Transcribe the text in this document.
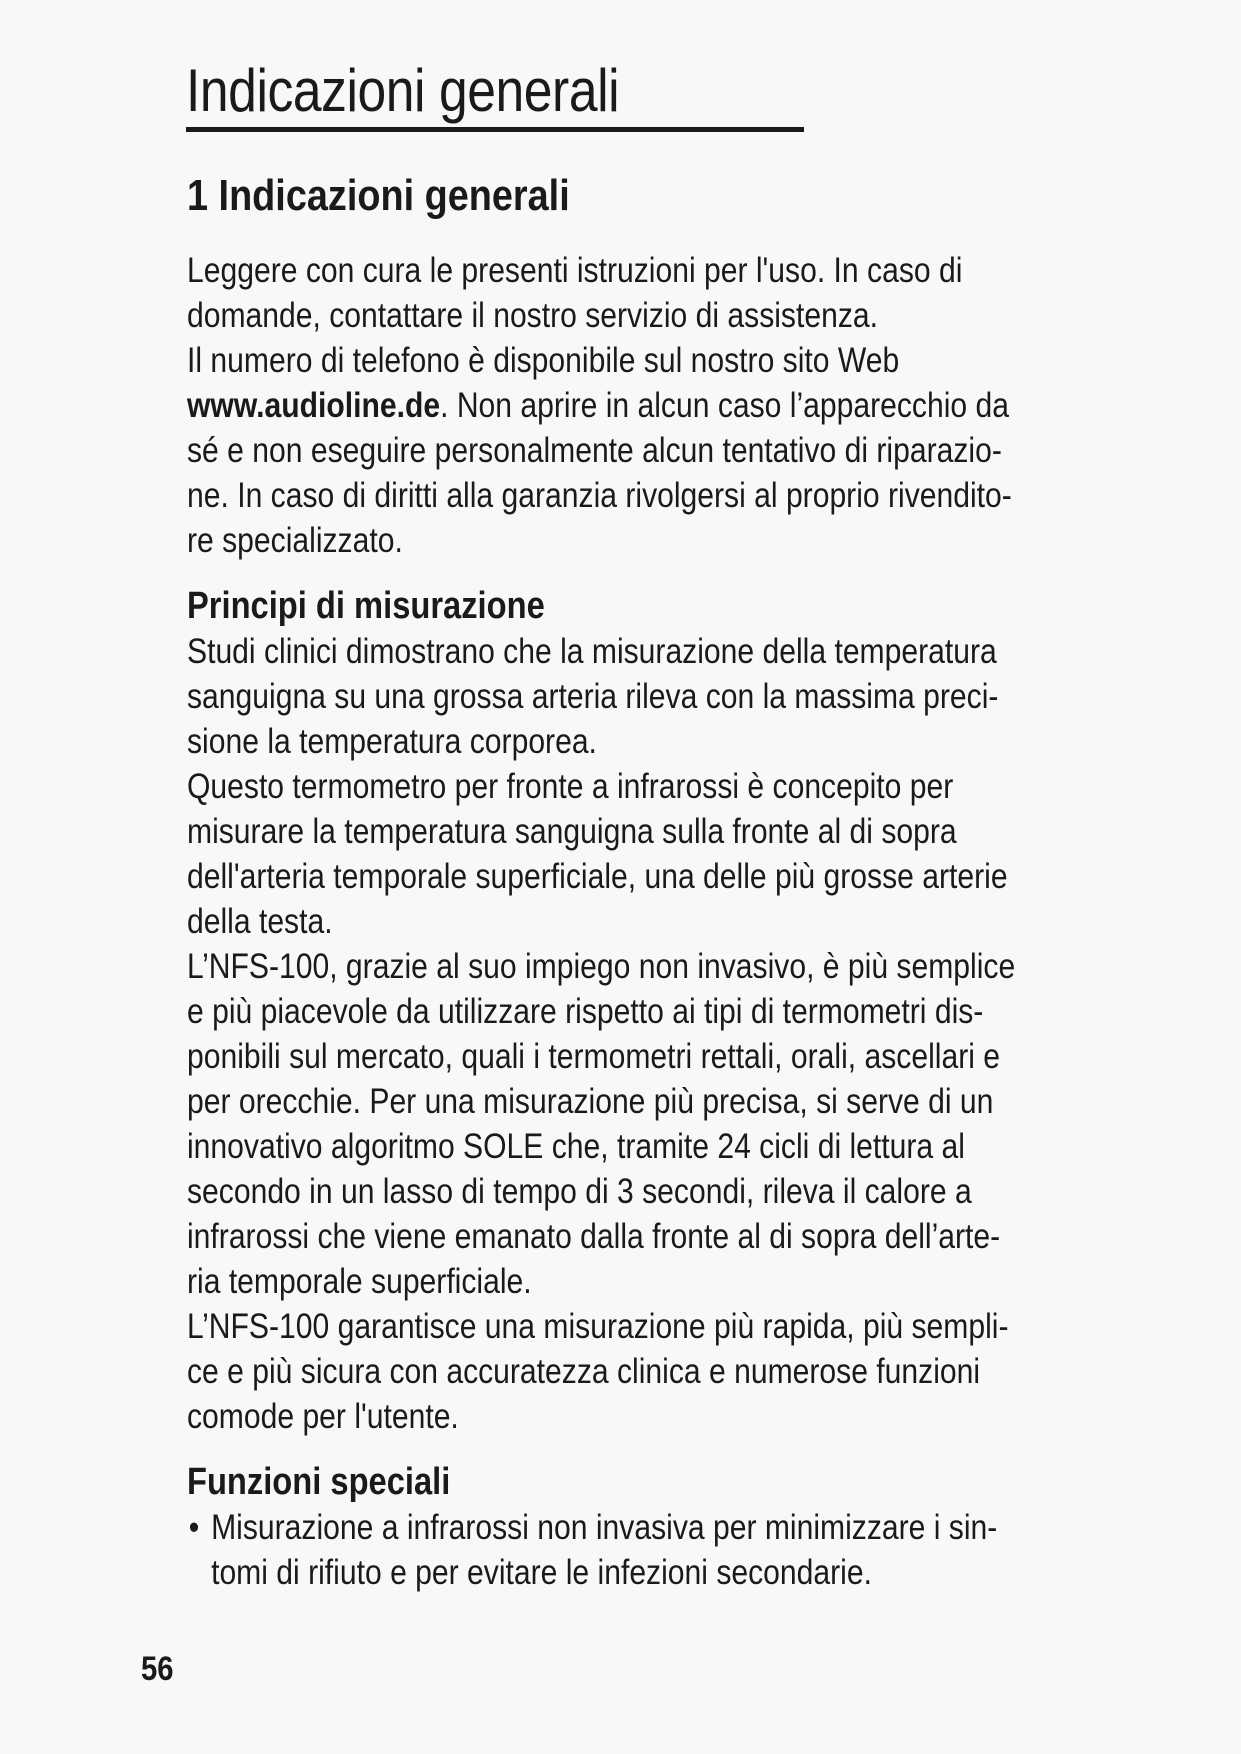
Indicazioni generali
1 Indicazioni generali
Leggere con cura le presenti istruzioni per l'uso. In caso di
domande, contattare il nostro servizio di assistenza.
Il numero di telefono è disponibile sul nostro sito Web
www.audioline.de. Non aprire in alcun caso l’apparecchio da
sé e non eseguire personalmente alcun tentativo di riparazio-
ne. In caso di diritti alla garanzia rivolgersi al proprio rivendito-
re specializzato.
Principi di misurazione
Studi clinici dimostrano che la misurazione della temperatura
sanguigna su una grossa arteria rileva con la massima preci-
sione la temperatura corporea.
Questo termometro per fronte a infrarossi è concepito per
misurare la temperatura sanguigna sulla fronte al di sopra
dell'arteria temporale superficiale, una delle più grosse arterie
della testa.
L’NFS-100, grazie al suo impiego non invasivo, è più semplice
e più piacevole da utilizzare rispetto ai tipi di termometri dis-
ponibili sul mercato, quali i termometri rettali, orali, ascellari e
per orecchie. Per una misurazione più precisa, si serve di un
innovativo algoritmo SOLE che, tramite 24 cicli di lettura al
secondo in un lasso di tempo di 3 secondi, rileva il calore a
infrarossi che viene emanato dalla fronte al di sopra dell’arte-
ria temporale superficiale.
L’NFS-100 garantisce una misurazione più rapida, più sempli-
ce e più sicura con accuratezza clinica e numerose funzioni
comode per l'utente.
Funzioni speciali
• Misurazione a infrarossi non invasiva per minimizzare i sin-
tomi di rifiuto e per evitare le infezioni secondarie.
56
